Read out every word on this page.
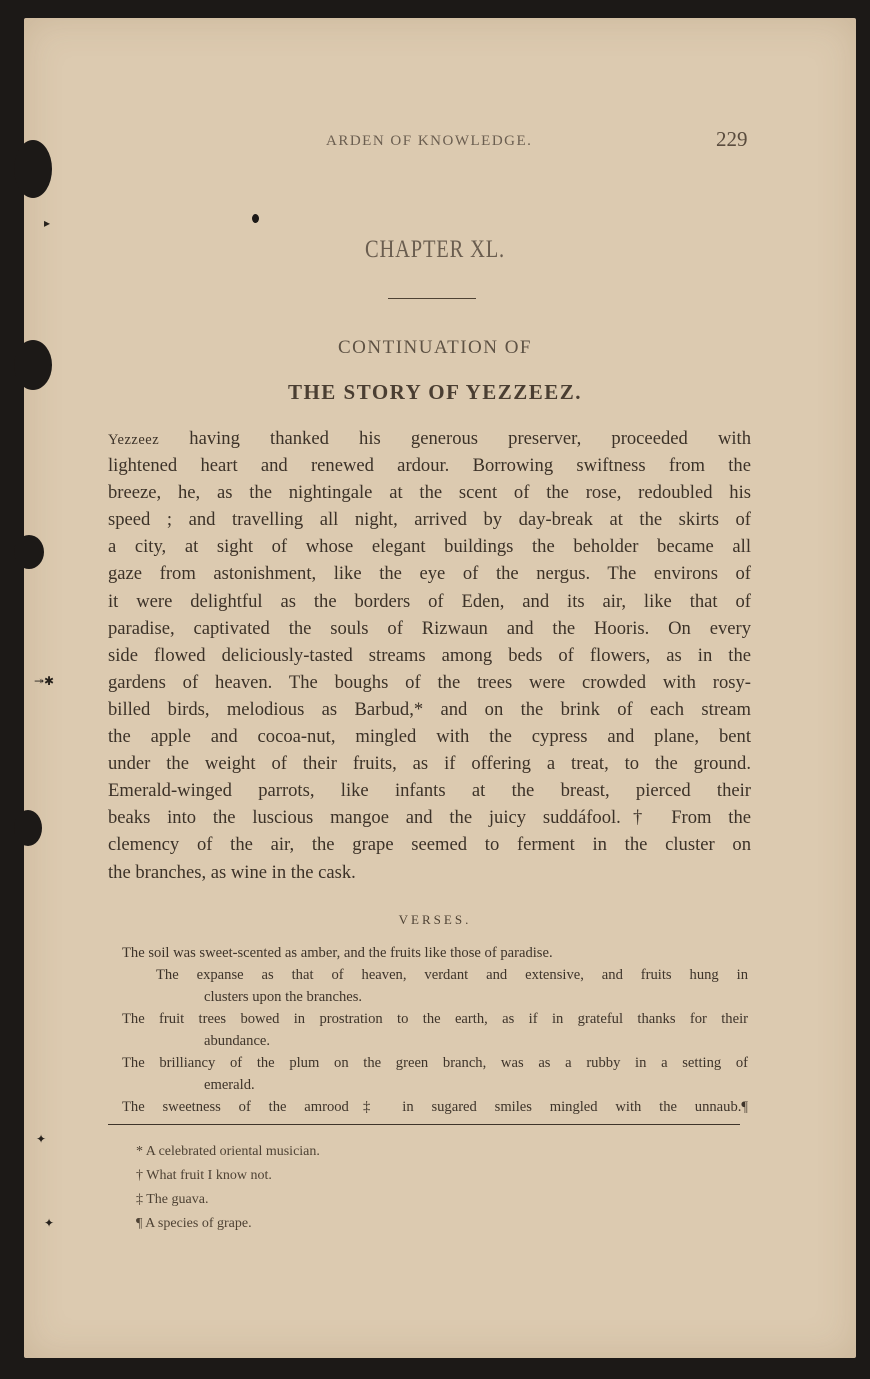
▸
↠✱
✦
✦
ARDEN OF KNOWLEDGE.	229
CHAPTER XL.
CONTINUATION OF
THE STORY OF YEZZEEZ.
Yezzeez having thanked his generous preserver, proceeded with
lightened heart and renewed ardour. Borrowing swiftness from the
breeze, he, as the nightingale at the scent of the rose, redoubled his
speed ; and travelling all night, arrived by day-break at the skirts of
a city, at sight of whose elegant buildings the beholder became all
gaze from astonishment, like the eye of the nergus. The environs of
it were delightful as the borders of Eden, and its air, like that of
paradise, captivated the souls of Rizwaun and the Hooris. On every
side flowed deliciously-tasted streams among beds of flowers, as in the
gardens of heaven. The boughs of the trees were crowded with rosy-
billed birds, melodious as Barbud,* and on the brink of each stream
the apple and cocoa-nut, mingled with the cypress and plane, bent
under the weight of their fruits, as if offering a treat, to the ground.
Emerald-winged parrots, like infants at the breast, pierced their
beaks into the luscious mangoe and the juicy suddáfool.† From the
clemency of the air, the grape seemed to ferment in the cluster on
the branches, as wine in the cask.
VERSES.
The soil was sweet-scented as amber, and the fruits like those of paradise.
The expanse as that of heaven, verdant and extensive, and fruits hung in
clusters upon the branches.
The fruit trees bowed in prostration to the earth, as if in grateful thanks for their
abundance.
The brilliancy of the plum on the green branch, was as a rubby in a setting of
emerald.
The sweetness of the amrood‡ in sugared smiles mingled with the unnaub.¶
* A celebrated oriental musician.
† What fruit I know not.
‡ The guava.
¶ A species of grape.
